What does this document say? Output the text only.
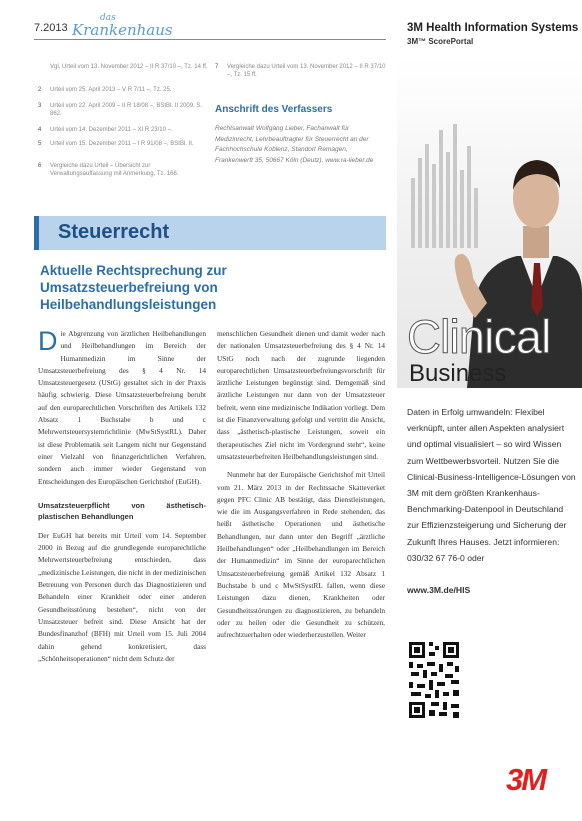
7.2013
das
Krankenhaus
Vgl. Urteil vom 13. November 2012 – II R 37/10 –, Tz. 14 ff.
2	Urteil vom 25. April 2013 – V R 7/11 –, Tz. 25.
3	Urteil vom 22. April 2009 – II R 18/08 –, BStBl. II 2009, S. 862.
4	Urteil vom 14. Dezember 2011 – XI R 23/10 –.
5	Urteil vom 15. Dezember 2011 – I R 91/08 –, BStBl. II.
6	Vergleiche dazu Urteil – Übersicht zur Verwaltungsauffassung mit Anmerkung, Tz. 166.
7	Vergleiche dazu Urteil vom 13. November 2012 – II R 37/10 –, Tz. 15 ff.
Anschrift des Verfassers
Rechtsanwalt Wolfgang Lieber, Fachanwalt für Medizinrecht, Lehrbeauftragter für Steuerrecht an der Fachhochschule Koblenz, Standort Remagen, Frankenwerft 35, 50667 Köln (Deutz), www.ra-lieber.de
Steuerrecht
Aktuelle Rechtsprechung zur Umsatzsteuerbefreiung von Heilbehandlungsleistungen

Die Abgrenzung von ärztlichen Heilbehandlungen und Heilbehandlungen im Bereich der Humanmedizin im Sinne der Umsatzsteuerbefreiung des § 4 Nr. 14 Umsatzsteuergesetz (UStG) gestaltet sich in der Praxis häufig schwierig. Diese Umsatzsteuerbefreiung beruht auf den europarechtlichen Vorschriften des Artikels 132 Absatz 1 Buchstabe b und c Mehrwertsteuersystemrichtlinie (MwStSystRL). Daher ist diese Problematik seit Langem nicht nur Gegenstand einer Vielzahl von finanzgerichtlichen Verfahren, sondern auch immer wieder Gegenstand von Entscheidungen des Europäischen Gerichtshof (EuGH).

Umsatzsteuerpflicht von ästhetisch-plastischen Behandlungen

Der EuGH hat bereits mit Urteil vom 14. September 2000 in Bezug auf die grundlegende europarechtliche Mehrwertsteuerbefreiung entschieden, dass „medizinische Leistungen, die nicht in der medizinischen Betreuung von Personen durch das Diagnostizieren und Behandeln einer Krankheit oder einer anderen Gesundheitsstörung bestehen“, nicht von der Umsatzsteuer befreit sind. Diese Ansicht hat der Bundesfinanzhof (BFH) mit Urteil vom 15. Juli 2004 dahin gehend konkretisiert, dass „Schönheitsoperationen“ nicht dem Schutz der

menschlichen Gesundheit dienen und damit weder nach der nationalen Umsatzsteuerbefreiung des § 4 Nr. 14 UStG noch nach der zugrunde liegenden europarechtlichen Umsatzsteuerbefreiungsvorschrift für ärztliche Leistungen begünstigt sind. Demgemäß sind ärztliche Leistungen nur dann von der Umsatzsteuer befreit, wenn eine medizinische Indikation vorliegt. Dem ist die Finanzverwaltung gefolgt und vertritt die Ansicht, dass „ästhetisch-plastische Leistungen, soweit ein therapeutisches Ziel nicht im Vordergrund steht“, keine umsatzsteuerbefreiten Heilbehandlungsleistungen sind.

Nunmehr hat der Europäische Gerichtshof mit Urteil vom 21. März 2013 in der Rechtssache Skatteverket gegen PFC Clinic AB bestätigt, dass Dienstleistungen, wie die im Ausgangsverfahren in Rede stehenden, das heißt ästhetische Operationen und ästhetische Behandlungen, nur dann unter den Begriff „ärztliche Heilbehandlungen“ oder „Heilbehandlungen im Bereich der Humanmedizin“ im Sinne der europarechtlichen Umsatzsteuerbefreiung gemäß Artikel 132 Absatz 1 Buchstabe b und c MwStSystRL fallen, wenn diese Leistungen dazu dienen, Krankheiten oder Gesundheitsstörungen zu diagnostizieren, zu behandeln oder zu heilen oder die Gesundheit zu schützen, aufrechtzuerhalten oder wiederherzustellen. Weiter

3M Health Information Systems
3M™ ScorePortal
Clinical
Business
Daten in Erfolg umwandeln: Flexibel verknüpft, unter allen Aspekten analysiert und optimal visualisiert – so wird Wissen zum Wettbewerbsvorteil. Nutzen Sie die Clinical-Business-Intelligence-Lösungen von 3M mit dem größten Krankenhaus-Benchmarking-Datenpool in Deutschland zur Effizienzsteigerung und Sicherung der Zukunft Ihres Hauses. Jetzt informieren: 030/32 67 76-0 oder
www.3M.de/HIS
3M
